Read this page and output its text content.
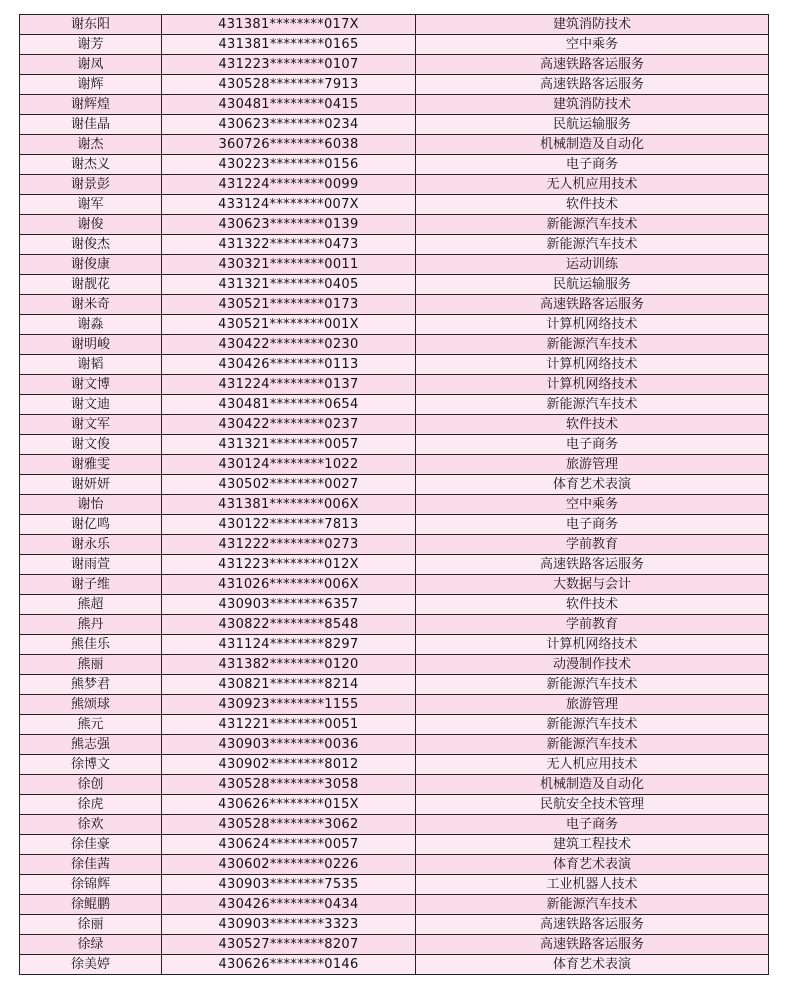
谢东阳	431381********017X	建筑消防技术
谢芳	431381********0165	空中乘务
谢凤	431223********0107	高速铁路客运服务
谢辉	430528********7913	高速铁路客运服务
谢辉煌	430481********0415	建筑消防技术
谢佳晶	430623********0234	民航运输服务
谢杰	360726********6038	机械制造及自动化
谢杰义	430223********0156	电子商务
谢景彭	431224********0099	无人机应用技术
谢军	433124********007X	软件技术
谢俊	430623********0139	新能源汽车技术
谢俊杰	431322********0473	新能源汽车技术
谢俊康	430321********0011	运动训练
谢靓花	431321********0405	民航运输服务
谢米奇	430521********0173	高速铁路客运服务
谢淼	430521********001X	计算机网络技术
谢明峻	430422********0230	新能源汽车技术
谢韬	430426********0113	计算机网络技术
谢文博	431224********0137	计算机网络技术
谢文迪	430481********0654	新能源汽车技术
谢文军	430422********0237	软件技术
谢文俊	431321********0057	电子商务
谢雅雯	430124********1022	旅游管理
谢妍妍	430502********0027	体育艺术表演
谢怡	431381********006X	空中乘务
谢亿鸣	430122********7813	电子商务
谢永乐	431222********0273	学前教育
谢雨萱	431223********012X	高速铁路客运服务
谢子维	431026********006X	大数据与会计
熊超	430903********6357	软件技术
熊丹	430822********8548	学前教育
熊佳乐	431124********8297	计算机网络技术
熊丽	431382********0120	动漫制作技术
熊梦君	430821********8214	新能源汽车技术
熊颂球	430923********1155	旅游管理
熊元	431221********0051	新能源汽车技术
熊志强	430903********0036	新能源汽车技术
徐博文	430902********8012	无人机应用技术
徐创	430528********3058	机械制造及自动化
徐虎	430626********015X	民航安全技术管理
徐欢	430528********3062	电子商务
徐佳豪	430624********0057	建筑工程技术
徐佳茜	430602********0226	体育艺术表演
徐锦辉	430903********7535	工业机器人技术
徐鲲鹏	430426********0434	新能源汽车技术
徐丽	430903********3323	高速铁路客运服务
徐绿	430527********8207	高速铁路客运服务
徐美婷	430626********0146	体育艺术表演
